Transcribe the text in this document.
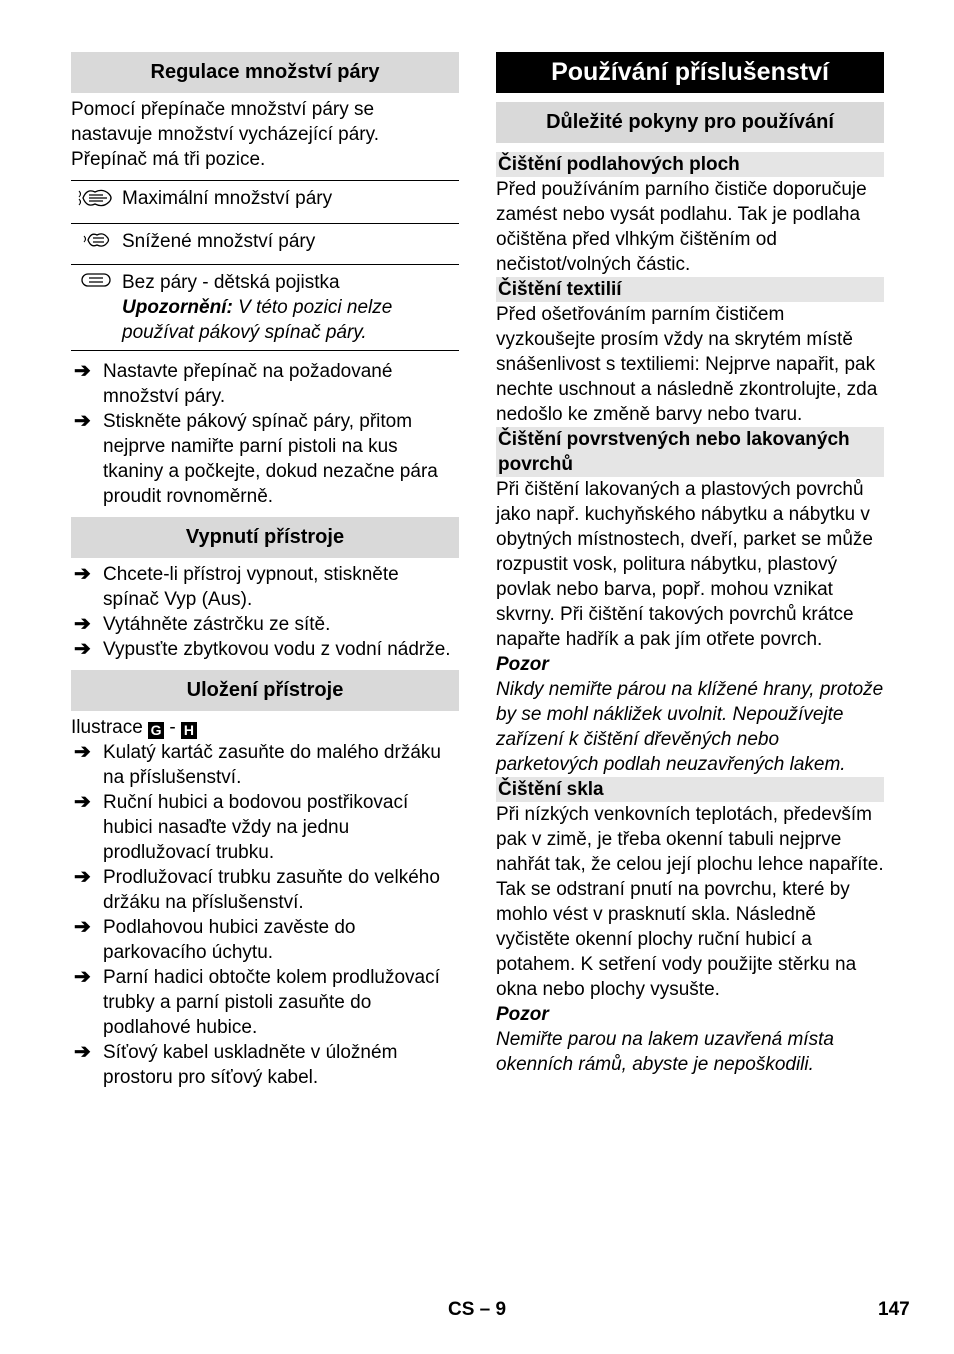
Regulace množství páry

Pomocí přepínače množství páry se nastavuje množství vycházející páry. Přepínač má tři pozice.

	Maximální množství páry
	Snížené množství páry

Bez páry - dětská pojistka
Upozornění: V této pozici nelze používat pákový spínač páry.
➔ Nastavte přepínač na požadované množství páry.
➔ Stiskněte pákový spínač páry, přitom nejprve namiřte parní pistoli na kus tkaniny a počkejte, dokud nezačne pára proudit rovnoměrně.
Vypnutí přístroje
➔ Chcete-li přístroj vypnout, stiskněte spínač Vyp (Aus).
➔ Vytáhněte zástrčku ze sítě.
➔ Vypusťte zbytkovou vodu z vodní nádrže.
Uložení přístroje

Ilustrace G - H

➔ Kulatý kartáč zasuňte do malého držáku na příslušenství.
➔ Ruční hubici a bodovou postřikovací hubici nasaďte vždy na jednu prodlužovací trubku.
➔ Prodlužovací trubku zasuňte do velkého držáku na příslušenství.
➔ Podlahovou hubici zavěste do parkovacího úchytu.
➔ Parní hadici obtočte kolem prodlužovací trubky a parní pistoli zasuňte do podlahové hubice.
➔ Síťový kabel uskladněte v úložném prostoru pro síťový kabel.
Používání příslušenství
Důležité pokyny pro používání
Čištění podlahových ploch

Před používáním parního čističe doporučuje zamést nebo vysát podlahu. Tak je podlaha očištěna před vlhkým čištěním od nečistot/volných částic.

Čištění textilií

Před ošetřováním parním čističem vyzkoušejte prosím vždy na skrytém místě snášenlivost s textiliemi: Nejprve napařit, pak nechte uschnout a následně zkontrolujte, zda nedošlo ke změně barvy nebo tvaru.

Čištění povrstvených nebo lakovaných povrchů

Při čištění lakovaných a plastových povrchů jako např. kuchyňského nábytku a nábytku v obytných místnostech, dveří, parket se může rozpustit vosk, politura nábytku, plastový povlak nebo barva, popř. mohou vznikat skvrny. Při čištění takových povrchů krátce napařte hadřík a pak jím otřete povrch.

Pozor

Nikdy nemiřte párou na klížené hrany, protože by se mohl nákližek uvolnit. Nepoužívejte zařízení k čištění dřevěných nebo parketových podlah neuzavřených lakem.

Čištění skla

Při nízkých venkovních teplotách, především pak v zimě, je třeba okenní tabuli nejprve nahřát tak, že celou její plochu lehce napaříte. Tak se odstraní pnutí na povrchu, které by mohlo vést v prasknutí skla. Následně vyčistěte okenní plochy ruční hubicí a potahem. K setření vody použijte stěrku na okna nebo plochy vysušte.

Pozor

Nemiřte parou na lakem uzavřená místa okenních rámů, abyste je nepoškodili.

CS – 9	147
